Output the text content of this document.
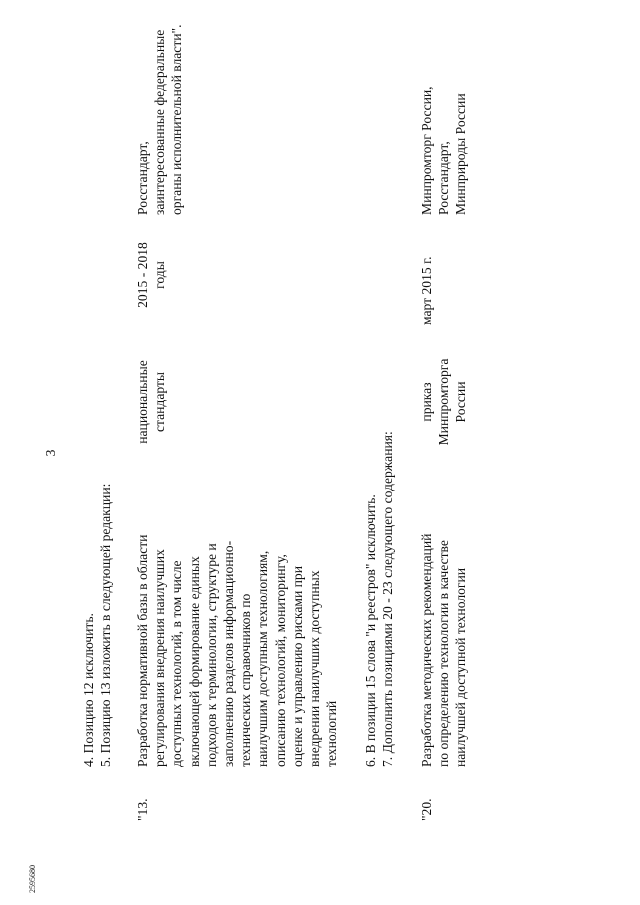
3
2595680
4. Позицию 12 исключить. 5. Позицию 13 изложить в следующей редакции:
"13.
Разработка нормативной базы в области
регулирования внедрения наилучших
доступных технологий, в том числе
включающей формирование единых
подходов к терминологии, структуре и
заполнению разделов информационно-
технических справочников по
наилучшим доступным технологиям,
описанию технологий, мониторингу,
оценке и управлению рисками при
внедрении наилучших доступных
технологий
национальные
стандарты
2015 - 2018
годы
Росстандарт,
заинтересованные федеральные
органы исполнительной власти".
6. В позиции 15 слова "и реестров" исключить. 7. Дополнить позициями 20 - 23 следующего содержания:
"20.
Разработка методических рекомендаций
по определению технологии в качестве
наилучшей доступной технологии
приказ
Минпромторга
России
март 2015 г.
Минпромторг России,
Росстандарт,
Минприроды России
